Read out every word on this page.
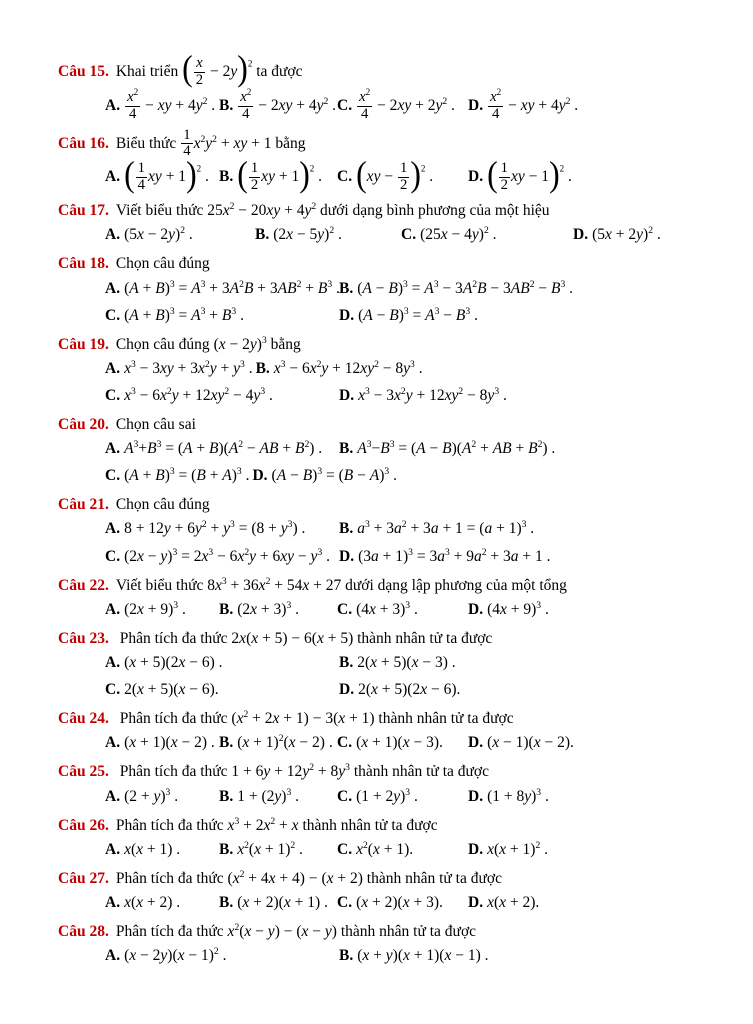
Câu 15. Khai triển ( $\frac{x}{2} - 2y)^2$ ta được
A. $\frac{x^2}{4}$ − xy + $4y^2$ . B. $\frac{x^2}{4} - 2xy + 4y^2$ . C. $\frac{x^2}{4} - 2xy + 2y^2$ . D. $\frac{x^2}{4}$ − xy + $4y^2$ .
Câu 16. Biểu thức $\frac{1}{4} x^2y^2$ + xy + 1 bằng
A. ( $\frac{1}{4}$ xy + 1)$^2$ . B. ( $\frac{1}{2}$ xy + 1)$^2$ . C. $(xy - \frac{1}{2} )^2$ .	D. ( $\frac{1}{2}$ xy − 1)$^2$ .
Câu 17. Viết biểu thức $25x^2 - 20xy + 4y^2$ dưới dạng bình phương của một hiệu
A. $(5x - 2y)^2$ .	B. $(2x - 5y)^2$ .	C. $(25x - 4y)^2$ .	D. $(5x + 2y)^2$ .
Câu 18. Chọn câu đúng
A. $(A + B)^3 = A^3 + 3A^2B + 3AB^2 + B^3$ . B. $(A - B)^3 = A^3 - 3A^2B - 3AB^2 - B^3$ .
C. $(A + B)^3 = A^3 + B^3$ .	D. $(A - B)^3 = A^3 - B^3$ .
Câu 19. Chọn câu đúng $(x - 2y)^3$ bằng
A. $x^3 - 3xy + 3x^2y + y^3$ . B. $x^3 - 6x^2y + 12xy^2 - 8y^3$ .
C. $x^3 - 6x^2y + 12xy^2 - 4y^3$ .	D. $x^3 - 3x^2y + 12xy^2 - 8y^3$ .
Câu 20. Chọn câu sai
A. $A^3+B^3 = (A + B)(A^2$ − AB + $B^2$) .	B. $A^3-B^3 = (A - B)(A^2$ + AB + $B^2$) .
C. $(A + B)^3 = (B + A)^3$ . D. $(A - B)^3 = (B - A)^3$ .
Câu 21. Chọn câu đúng
A. $8 + 12y + 6y^2 + y^3 = (8 + y^3)$ .	B. $a^3 + 3a^2 + 3a + 1 = (a + 1)^3$ .
C. $(2x - y)^3 = 2x^3 - 6x^2y + 6xy - y^3$ . D. $(3a + 1)^3 = 3a^3 + 9a^2 + 3a + 1$ .
Câu 22. Viết biểu thức $8x^3 + 36x^2 + 54x + 27$ dưới dạng lập phương của một tổng
A. $(2x + 9)^3$ .	B. $(2x + 3)^3$ .	C. $(4x + 3)^3$ .	D. $(4x + 9)^3$ .
Câu 23. Phân tích đa thức 2x(x + 5) − 6(x + 5) thành nhân tử ta được
A. (x + 5)(2x − 6) .	B. 2(x + 5)(x − 3) .
C. 2(x + 5)(x − 6).	D. 2(x + 5)(2x − 6).
Câu 24. Phân tích đa thức $(x^2 + 2x + 1) - 3(x + 1)$ thành nhân tử ta được
A. (x + 1)(x − 2) . B. $(x + 1)^2(x - 2)$ . C. (x + 1)(x − 3).	D. (x − 1)(x − 2).
Câu 25. Phân tích đa thức $1 + 6y + 12y^2 + 8y^3$ thành nhân tử ta được
A. $(2 + y)^3$ .	B. $1 + (2y)^3$ .	C. $(1 + 2y)^3$ .	D. $(1 + 8y)^3$ .
Câu 26. Phân tích đa thức $x^3 + 2x^2 + x$ thành nhân tử ta được
A. x(x + 1) .	B. $x^2(x + 1)^2$ .	C. $x^2(x + 1)$.	D. $x(x + 1)^2$ .
Câu 27. Phân tích đa thức $(x^2 + 4x + 4) - (x + 2)$ thành nhân tử ta được
A. x(x + 2) .	B. (x + 2)(x + 1) . C. (x + 2)(x + 3).	D. x(x + 2).
Câu 28. Phân tích đa thức $x^2(x - y) - (x - y)$ thành nhân tử ta được
A. $(x - 2y)(x - 1)^2$ .	B. (x + y)(x + 1)(x − 1) .
